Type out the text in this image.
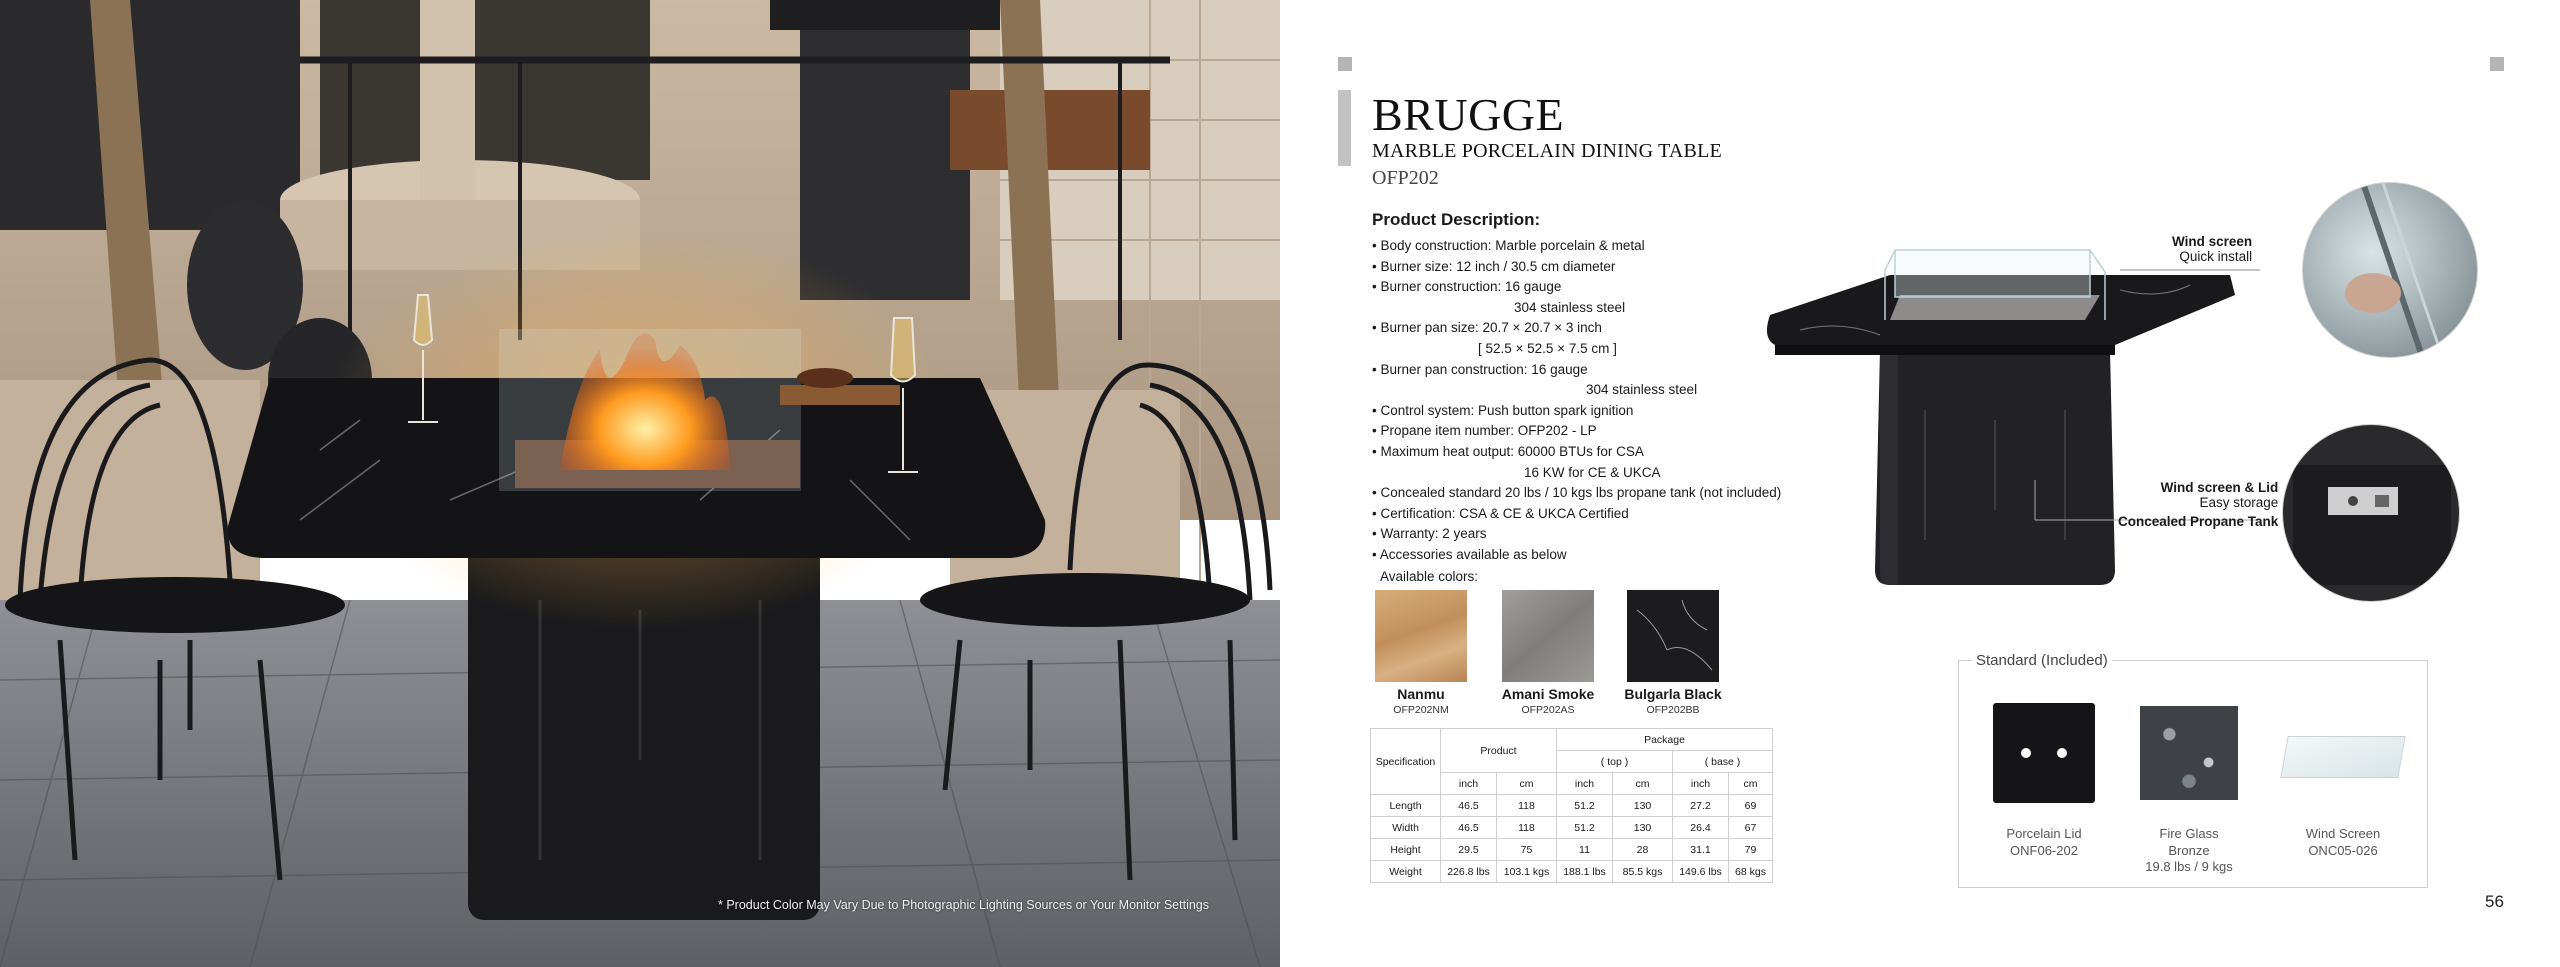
* Product Color May Vary Due to Photographic Lighting Sources or Your Monitor Settings
BRUGGE
MARBLE PORCELAIN DINING TABLE
OFP202
Product Description:
• Body construction: Marble porcelain & metal
• Burner size: 12 inch / 30.5 cm diameter
• Burner construction: 16 gauge
304 stainless steel
• Burner pan size: 20.7 × 20.7 × 3 inch
[ 52.5 × 52.5 × 7.5 cm ]
• Burner pan construction: 16 gauge
304 stainless steel
• Control system: Push button spark ignition
• Propane item number: OFP202 - LP
• Maximum heat output: 60000 BTUs for CSA
16 KW for CE & UKCA
• Concealed standard 20 lbs / 10 kgs lbs propane tank (not included)
• Certification: CSA & CE & UKCA Certified
• Warranty: 2 years
• Accessories available as below
Available colors:
Nanmu
OFP202NM
Amani Smoke
OFP202AS
Bulgarla Black
OFP202BB
Specification	Product		Package			
			( top )		( base )	
	inch	cm	inch	cm	inch	cm
Length	46.5	118	51.2	130	27.2	69
Width	46.5	118	51.2	130	26.4	67
Height	29.5	75	11	28	31.1	79
Weight	226.8 lbs	103.1 kgs	188.1 lbs	85.5 kgs	149.6 lbs	68 kgs
Wind screen
Quick install
Wind screen & Lid
Easy storage
Concealed Propane Tank
Standard (Included)
Porcelain Lid
ONF06-202
Fire Glass
Bronze
19.8 lbs / 9 kgs
Wind Screen
ONC05-026
56
